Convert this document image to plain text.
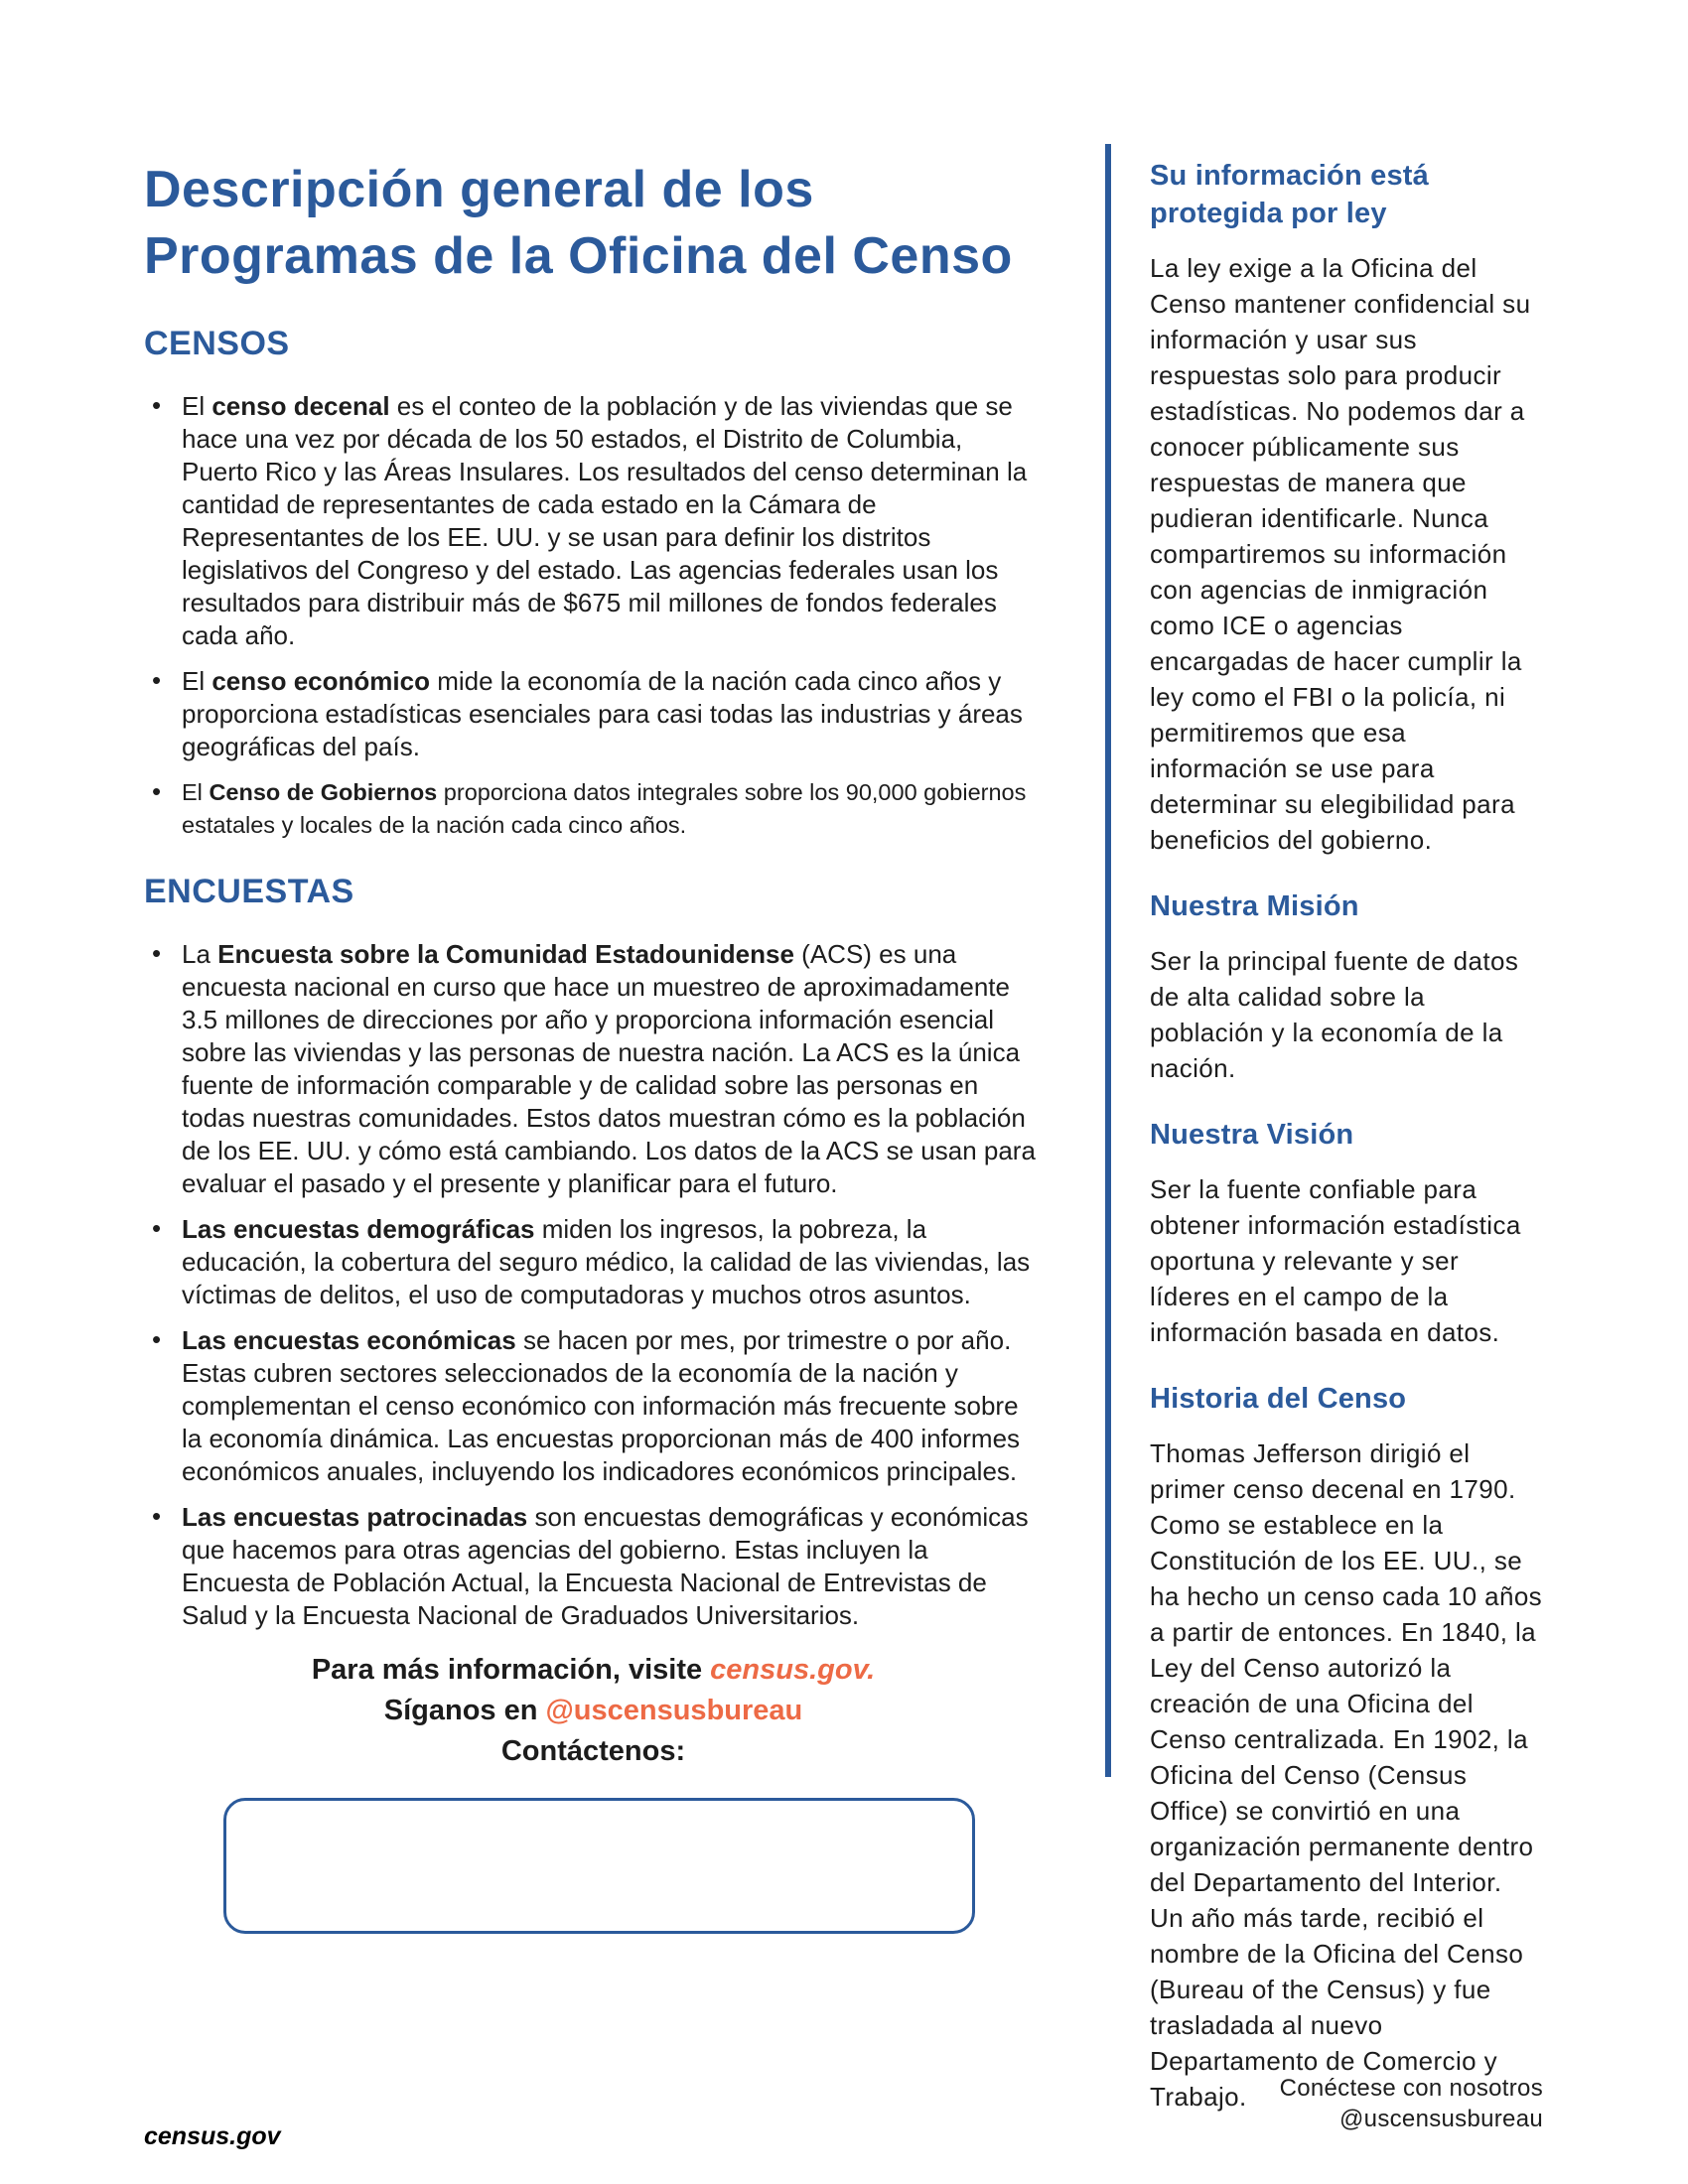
Descripción general de los
Programas de la Oficina del Censo
CENSOS
• El censo decenal es el conteo de la población y de las viviendas que se hace una vez por década de los 50 estados, el Distrito de Columbia, Puerto Rico y las Áreas Insulares. Los resultados del censo determinan la cantidad de representantes de cada estado en la Cámara de Representantes de los EE. UU. y se usan para definir los distritos legislativos del Congreso y del estado. Las agencias federales usan los resultados para distribuir más de $675 mil millones de fondos federales cada año.
• El censo económico mide la economía de la nación cada cinco años y proporciona estadísticas esenciales para casi todas las industrias y áreas geográficas del país.
• El Censo de Gobiernos proporciona datos integrales sobre los 90,000 gobiernos estatales y locales de la nación cada cinco años.
ENCUESTAS
• La Encuesta sobre la Comunidad Estadounidense (ACS) es una encuesta nacional en curso que hace un muestreo de aproximadamente 3.5 millones de direcciones por año y proporciona información esencial sobre las viviendas y las personas de nuestra nación. La ACS es la única fuente de información comparable y de calidad sobre las personas en todas nuestras comunidades. Estos datos muestran cómo es la población de los EE. UU. y cómo está cambiando. Los datos de la ACS se usan para evaluar el pasado y el presente y planificar para el futuro.
• Las encuestas demográficas miden los ingresos, la pobreza, la educación, la cobertura del seguro médico, la calidad de las viviendas, las víctimas de delitos, el uso de computadoras y muchos otros asuntos.
• Las encuestas económicas se hacen por mes, por trimestre o por año. Estas cubren sectores seleccionados de la economía de la nación y complementan el censo económico con información más frecuente sobre la economía dinámica. Las encuestas proporcionan más de 400 informes económicos anuales, incluyendo los indicadores económicos principales.
• Las encuestas patrocinadas son encuestas demográficas y económicas que hacemos para otras agencias del gobierno. Estas incluyen la Encuesta de Población Actual, la Encuesta Nacional de Entrevistas de Salud y la Encuesta Nacional de Graduados Universitarios.
Para más información, visite census.gov.
Síganos en @uscensusbureau
Contáctenos:
Su información está protegida por ley

La ley exige a la Oficina del Censo mantener confidencial su información y usar sus respuestas solo para producir estadísticas. No podemos dar a conocer públicamente sus respuestas de manera que pudieran identificarle. Nunca compartiremos su información con agencias de inmigración como ICE o agencias encargadas de hacer cumplir la ley como el FBI o la policía, ni permitiremos que esa información se use para determinar su elegibilidad para beneficios del gobierno.

Nuestra Misión

Ser la principal fuente de datos de alta calidad sobre la población y la economía de la nación.

Nuestra Visión

Ser la fuente confiable para obtener información estadística oportuna y relevante y ser líderes en el campo de la información basada en datos.

Historia del Censo

Thomas Jefferson dirigió el primer censo decenal en 1790. Como se establece en la Constitución de los EE. UU., se ha hecho un censo cada 10 años a partir de entonces. En 1840, la Ley del Censo autorizó la creación de una Oficina del Censo centralizada. En 1902, la Oficina del Censo (Census Office) se convirtió en una organización permanente dentro del Departamento del Interior. Un año más tarde, recibió el nombre de la Oficina del Censo (Bureau of the Census) y fue trasladada al nuevo Departamento de Comercio y Trabajo.	Conéctese con nosotros
@uscensusbureau
census.gov
